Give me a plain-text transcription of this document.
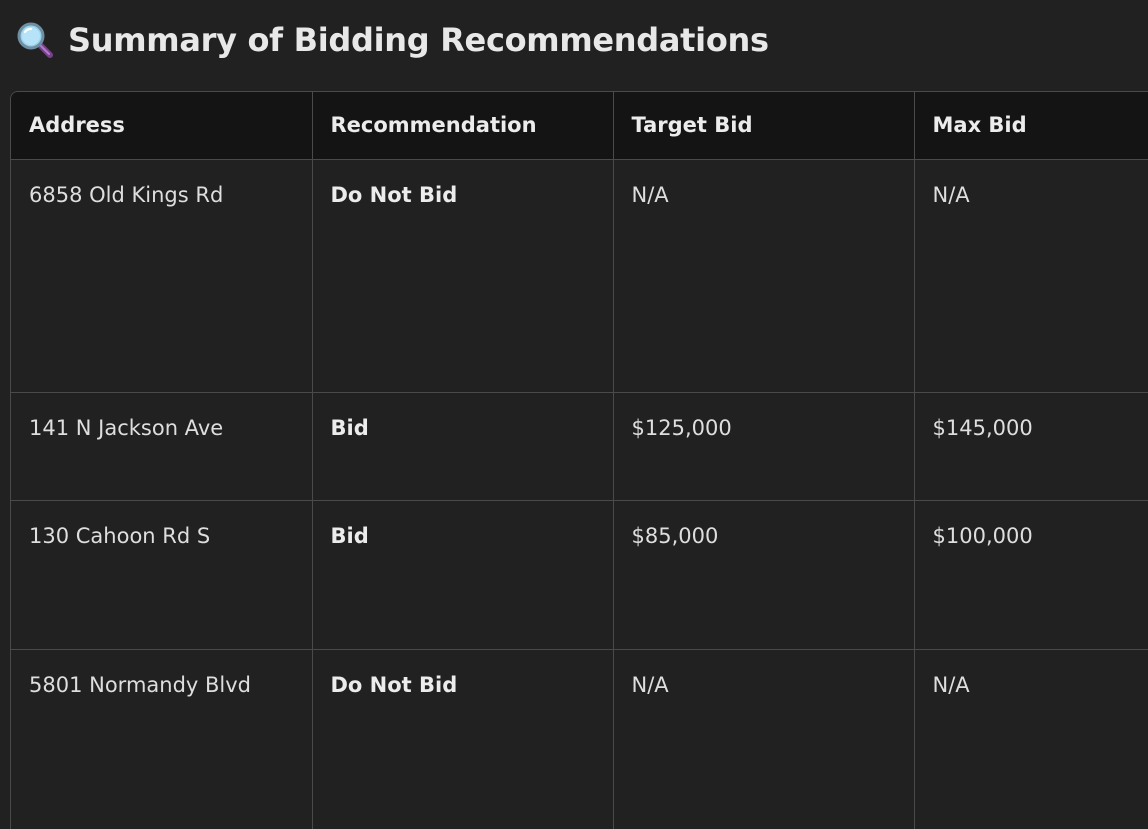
Summary of Bidding Recommendations
Address	Recommendation	Target Bid	Max Bid
6858 Old Kings Rd	Do Not Bid	N/A	N/A
141 N Jackson Ave	Bid	$125,000	$145,000
130 Cahoon Rd S	Bid	$85,000	$100,000
5801 Normandy Blvd	Do Not Bid	N/A	N/A
